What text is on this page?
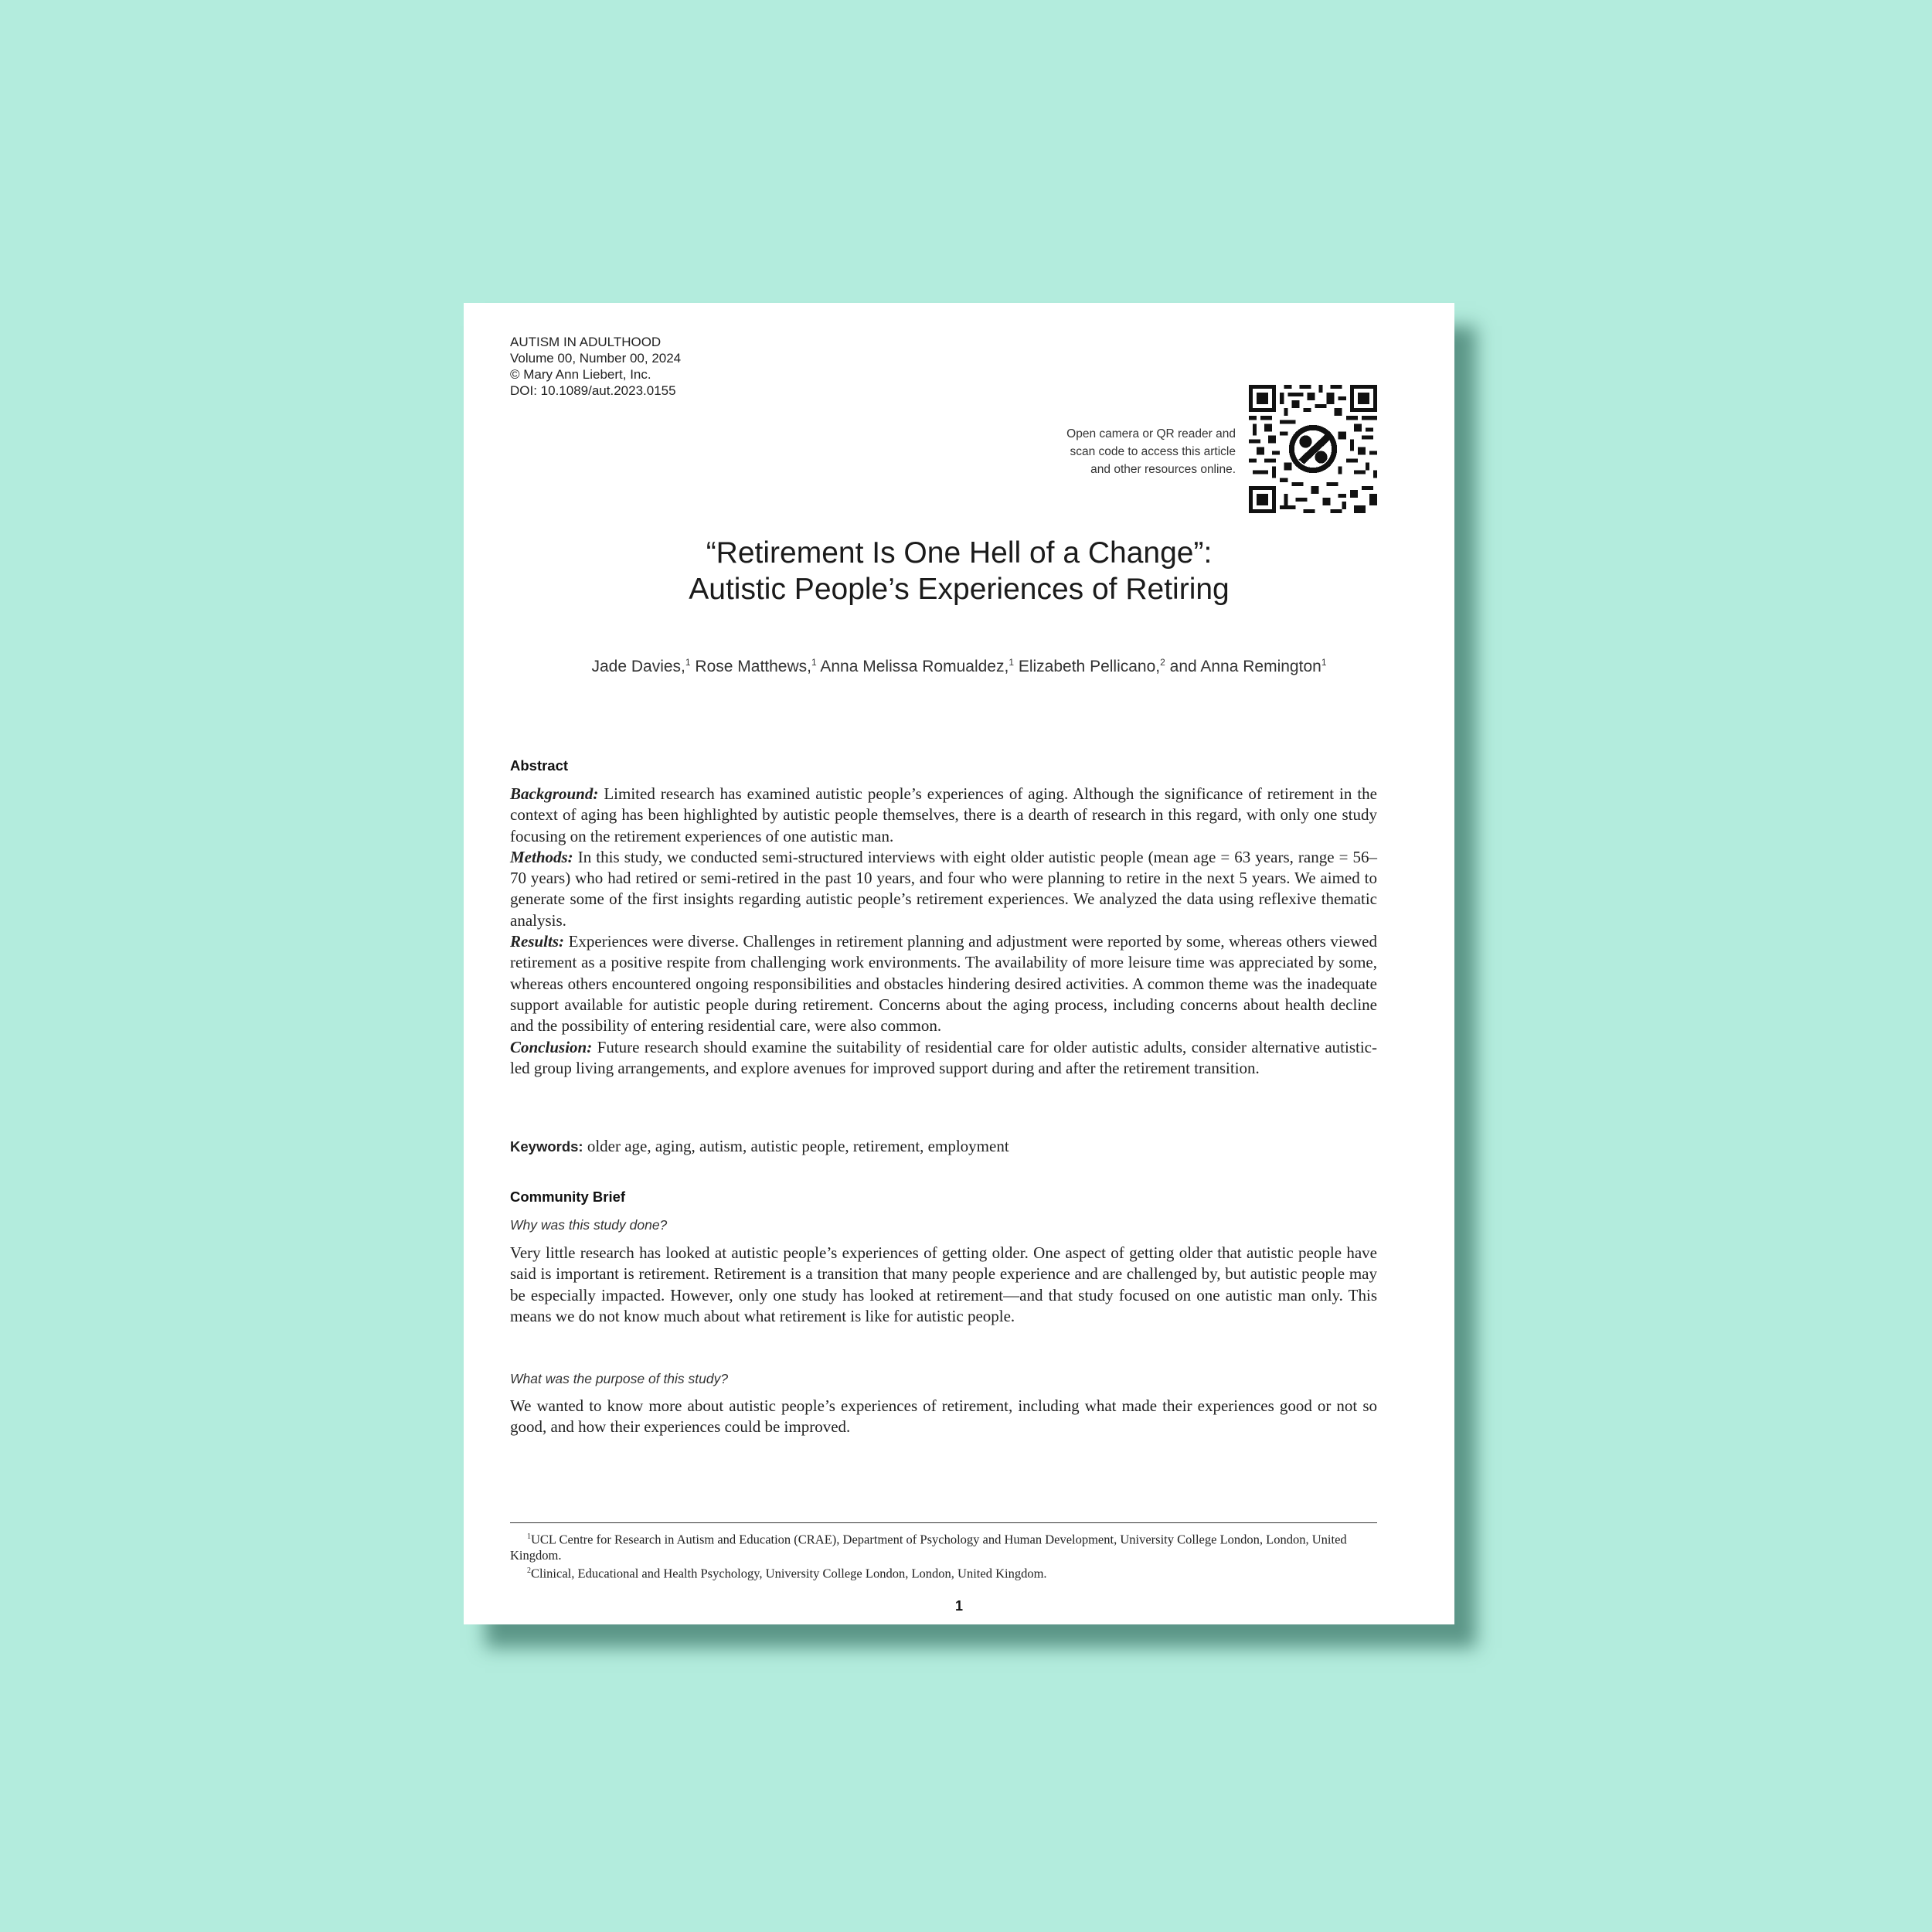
AUTISM IN ADULTHOOD
Volume 00, Number 00, 2024
© Mary Ann Liebert, Inc.
DOI: 10.1089/aut.2023.0155
Open camera or QR reader and
scan code to access this article
and other resources online.
“Retirement Is One Hell of a Change”:
Autistic People’s Experiences of Retiring
Jade Davies,$^1$ Rose Matthews,$^1$ Anna Melissa Romualdez,$^1$ Elizabeth Pellicano,$^2$ and Anna Remington$^1$
Abstract

Background: Limited research has examined autistic people’s experiences of aging. Although the significance of retirement in the context of aging has been highlighted by autistic people themselves, there is a dearth of research in this regard, with only one study focusing on the retirement experiences of one autistic man.

Methods: In this study, we conducted semi-structured interviews with eight older autistic people (mean age = 63 years, range = 56–70 years) who had retired or semi-retired in the past 10 years, and four who were planning to retire in the next 5 years. We aimed to generate some of the first insights regarding autistic people’s retirement experiences. We analyzed the data using reflexive thematic analysis.

Results: Experiences were diverse. Challenges in retirement planning and adjustment were reported by some, whereas others viewed retirement as a positive respite from challenging work environments. The availability of more leisure time was appreciated by some, whereas others encountered ongoing responsibilities and obstacles hindering desired activities. A common theme was the inadequate support available for autistic people during retirement. Concerns about the aging process, including concerns about health decline and the possibility of entering residential care, were also common.

Conclusion: Future research should examine the suitability of residential care for older autistic adults, consider alternative autistic-led group living arrangements, and explore avenues for improved support during and after the retirement transition.

Keywords: older age, aging, autism, autistic people, retirement, employment
Community Brief
Why was this study done?

Very little research has looked at autistic people’s experiences of getting older. One aspect of getting older that autistic people have said is important is retirement. Retirement is a transition that many people experience and are challenged by, but autistic people may be especially impacted. However, only one study has looked at retirement—and that study focused on one autistic man only. This means we do not know much about what retirement is like for autistic people.

What was the purpose of this study?

We wanted to know more about autistic people’s experiences of retirement, including what made their experiences good or not so good, and how their experiences could be improved.

$^1$UCL Centre for Research in Autism and Education (CRAE), Department of Psychology and Human Development, University College London, London, United Kingdom.

$^2$Clinical, Educational and Health Psychology, University College London, London, United Kingdom.

1
